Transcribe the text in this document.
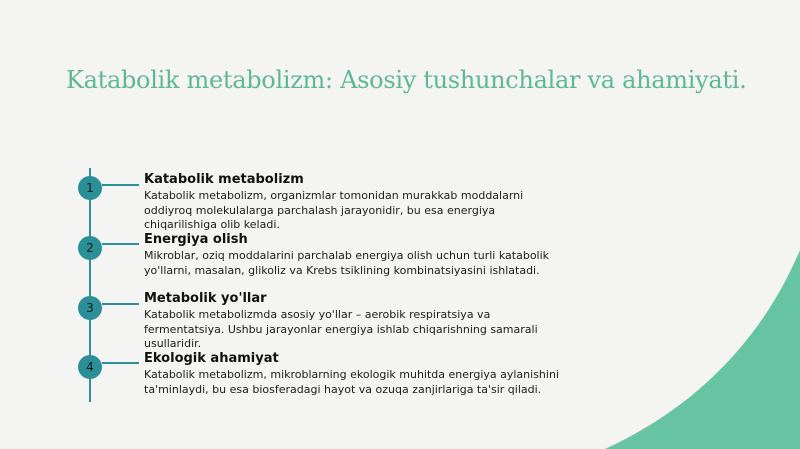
Katabolik metabolizm: Asosiy tushunchalar va ahamiyati.
1

Katabolik metabolizm

Katabolik metabolizm, organizmlar tomonidan murakkab moddalarni oddiyroq molekulalarga parchalash jarayonidir, bu esa energiya chiqarilishiga olib keladi.

2

Energiya olish

Mikroblar, oziq moddalarini parchalab energiya olish uchun turli katabolik yo'llarni, masalan, glikoliz va Krebs tsiklining kombinatsiyasini ishlatadi.

3

Metabolik yo'llar

Katabolik metabolizmda asosiy yo'llar – aerobik respiratsiya va fermentatsiya. Ushbu jarayonlar energiya ishlab chiqarishning samarali usullaridir.

4

Ekologik ahamiyat

Katabolik metabolizm, mikroblarning ekologik muhitda energiya aylanishini ta'minlaydi, bu esa biosferadagi hayot va ozuqa zanjirlariga ta'sir qiladi.
